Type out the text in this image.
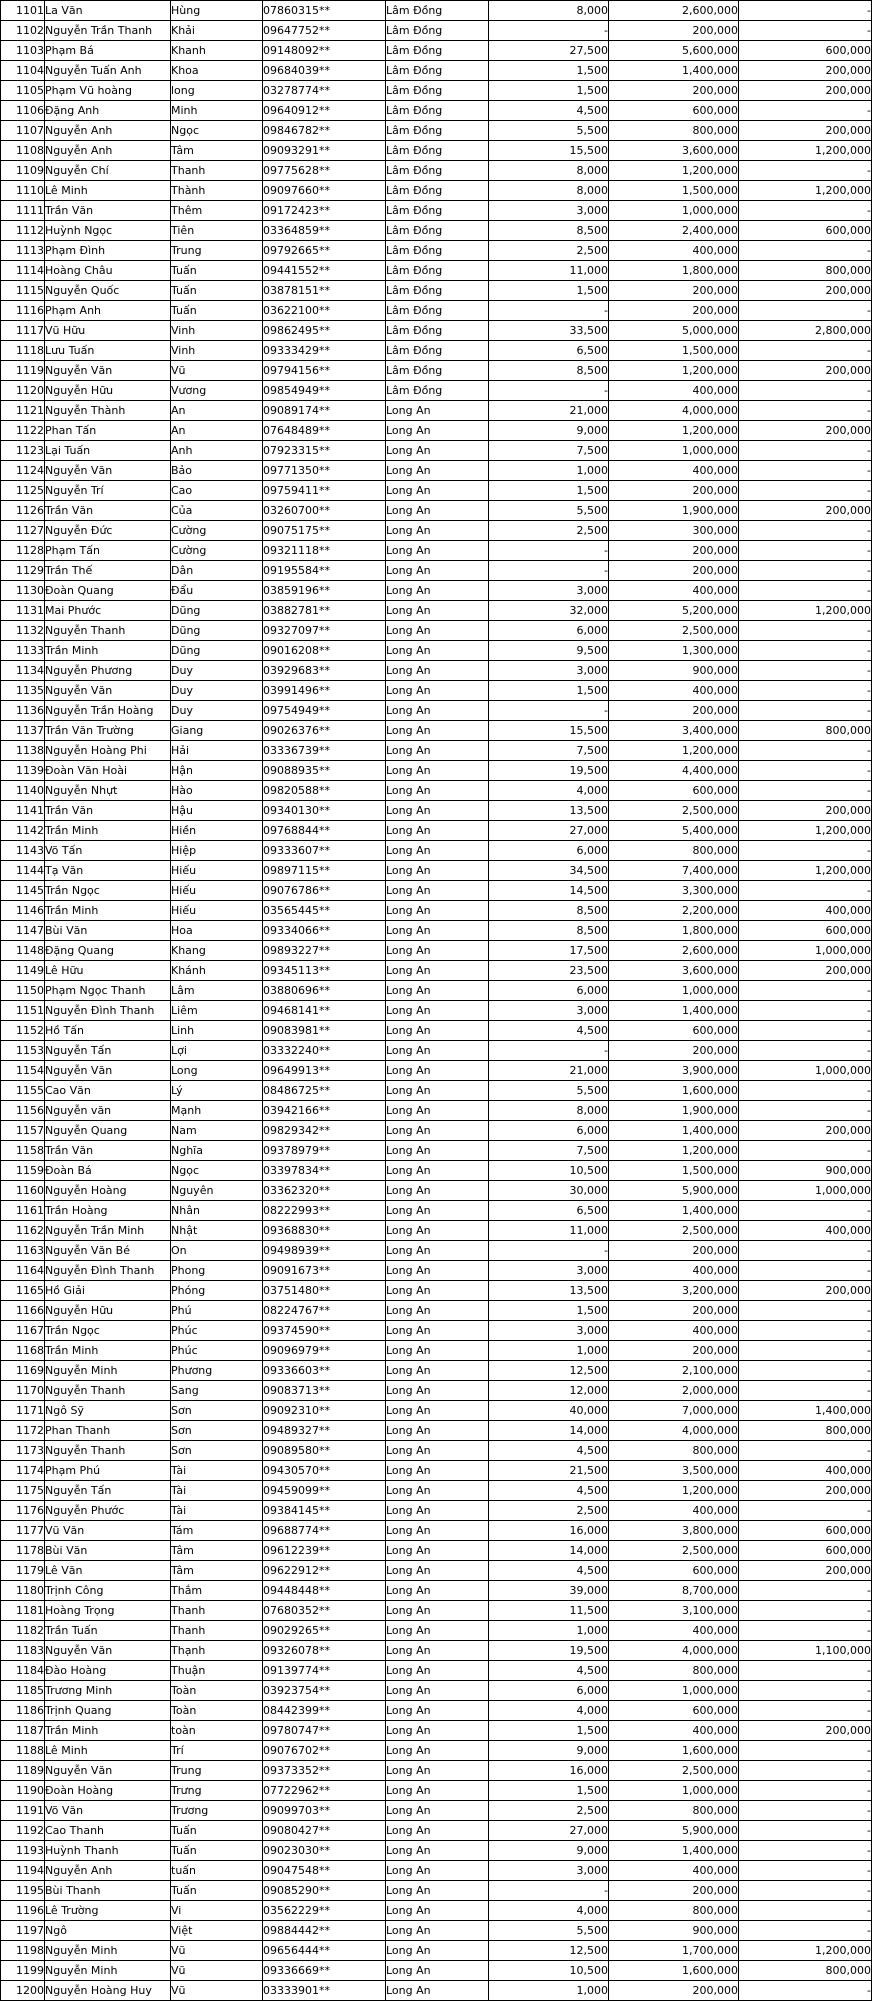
1101	La Văn	Hùng	07860315**	Lâm Đồng	8,000	2,600,000	-
1102	Nguyễn Trần Thanh	Khải	09647752**	Lâm Đồng	-	200,000	-
1103	Phạm Bá	Khanh	09148092**	Lâm Đồng	27,500	5,600,000	600,000
1104	Nguyễn Tuấn Anh	Khoa	09684039**	Lâm Đồng	1,500	1,400,000	200,000
1105	Phạm Vũ hoàng	long	03278774**	Lâm Đồng	1,500	200,000	200,000
1106	Đặng Anh	Minh	09640912**	Lâm Đồng	4,500	600,000	-
1107	Nguyễn Anh	Ngọc	09846782**	Lâm Đồng	5,500	800,000	200,000
1108	Nguyễn Anh	Tâm	09093291**	Lâm Đồng	15,500	3,600,000	1,200,000
1109	Nguyễn Chí	Thanh	09775628**	Lâm Đồng	8,000	1,200,000	-
1110	Lê Minh	Thành	09097660**	Lâm Đồng	8,000	1,500,000	1,200,000
1111	Trần Văn	Thêm	09172423**	Lâm Đồng	3,000	1,000,000	-
1112	Huỳnh Ngọc	Tiên	03364859**	Lâm Đồng	8,500	2,400,000	600,000
1113	Phạm Đình	Trung	09792665**	Lâm Đồng	2,500	400,000	-
1114	Hoàng Châu	Tuấn	09441552**	Lâm Đồng	11,000	1,800,000	800,000
1115	Nguyễn Quốc	Tuấn	03878151**	Lâm Đồng	1,500	200,000	200,000
1116	Phạm Anh	Tuấn	03622100**	Lâm Đồng	-	200,000	-
1117	Vũ Hữu	Vinh	09862495**	Lâm Đồng	33,500	5,000,000	2,800,000
1118	Lưu Tuấn	Vinh	09333429**	Lâm Đồng	6,500	1,500,000	-
1119	Nguyễn Văn	Vũ	09794156**	Lâm Đồng	8,500	1,200,000	200,000
1120	Nguyễn Hữu	Vương	09854949**	Lâm Đồng	-	400,000	-
1121	Nguyễn Thành	An	09089174**	Long An	21,000	4,000,000	-
1122	Phan Tấn	An	07648489**	Long An	9,000	1,200,000	200,000
1123	Lại Tuấn	Anh	07923315**	Long An	7,500	1,000,000	-
1124	Nguyễn Văn	Bảo	09771350**	Long An	1,000	400,000	-
1125	Nguyễn Trí	Cao	09759411**	Long An	1,500	200,000	-
1126	Trần Văn	Của	03260700**	Long An	5,500	1,900,000	200,000
1127	Nguyễn Đức	Cường	09075175**	Long An	2,500	300,000	-
1128	Phạm Tấn	Cường	09321118**	Long An	-	200,000	-
1129	Trần Thế	Dân	09195584**	Long An	-	200,000	-
1130	Đoàn Quang	Đẩu	03859196**	Long An	3,000	400,000	-
1131	Mai Phước	Dũng	03882781**	Long An	32,000	5,200,000	1,200,000
1132	Nguyễn Thanh	Dũng	09327097**	Long An	6,000	2,500,000	-
1133	Trần Minh	Dũng	09016208**	Long An	9,500	1,300,000	-
1134	Nguyễn Phương	Duy	03929683**	Long An	3,000	900,000	-
1135	Nguyễn Văn	Duy	03991496**	Long An	1,500	400,000	-
1136	Nguyễn Trần Hoàng	Duy	09754949**	Long An	-	200,000	-
1137	Trần Văn Trường	Giang	09026376**	Long An	15,500	3,400,000	800,000
1138	Nguyễn Hoàng Phi	Hải	03336739**	Long An	7,500	1,200,000	-
1139	Đoàn Văn Hoài	Hận	09088935**	Long An	19,500	4,400,000	-
1140	Nguyễn Nhựt	Hào	09820588**	Long An	4,000	600,000	-
1141	Trần Văn	Hậu	09340130**	Long An	13,500	2,500,000	200,000
1142	Trần Minh	Hiền	09768844**	Long An	27,000	5,400,000	1,200,000
1143	Võ Tấn	Hiệp	09333607**	Long An	6,000	800,000	-
1144	Tạ Văn	Hiếu	09897115**	Long An	34,500	7,400,000	1,200,000
1145	Trần Ngọc	Hiếu	09076786**	Long An	14,500	3,300,000	-
1146	Trần Minh	Hiếu	03565445**	Long An	8,500	2,200,000	400,000
1147	Bùi Văn	Hoa	09334066**	Long An	8,500	1,800,000	600,000
1148	Đặng Quang	Khang	09893227**	Long An	17,500	2,600,000	1,000,000
1149	Lê Hữu	Khánh	09345113**	Long An	23,500	3,600,000	200,000
1150	Phạm Ngọc Thanh	Lâm	03880696**	Long An	6,000	1,000,000	-
1151	Nguyễn Đình Thanh	Liêm	09468141**	Long An	3,000	1,400,000	-
1152	Hồ Tấn	Linh	09083981**	Long An	4,500	600,000	-
1153	Nguyễn Tấn	Lợi	03332240**	Long An	-	200,000	-
1154	Nguyễn Văn	Long	09649913**	Long An	21,000	3,900,000	1,000,000
1155	Cao Văn	Lý	08486725**	Long An	5,500	1,600,000	-
1156	Nguyễn văn	Mạnh	03942166**	Long An	8,000	1,900,000	-
1157	Nguyễn Quang	Nam	09829342**	Long An	6,000	1,400,000	200,000
1158	Trần Văn	Nghĩa	09378979**	Long An	7,500	1,200,000	-
1159	Đoàn Bá	Ngọc	03397834**	Long An	10,500	1,500,000	900,000
1160	Nguyễn Hoàng	Nguyên	03362320**	Long An	30,000	5,900,000	1,000,000
1161	Trần Hoàng	Nhân	08222993**	Long An	6,500	1,400,000	-
1162	Nguyễn Trần Minh	Nhật	09368830**	Long An	11,000	2,500,000	400,000
1163	Nguyễn Văn Bé	On	09498939**	Long An	-	200,000	-
1164	Nguyễn Đình Thanh	Phong	09091673**	Long An	3,000	400,000	-
1165	Hồ Giải	Phóng	03751480**	Long An	13,500	3,200,000	200,000
1166	Nguyễn Hữu	Phú	08224767**	Long An	1,500	200,000	-
1167	Trần Ngọc	Phúc	09374590**	Long An	3,000	400,000	-
1168	Trần Minh	Phúc	09096979**	Long An	1,000	200,000	-
1169	Nguyễn Minh	Phương	09336603**	Long An	12,500	2,100,000	-
1170	Nguyễn Thanh	Sang	09083713**	Long An	12,000	2,000,000	-
1171	Ngô Sỹ	Sơn	09092310**	Long An	40,000	7,000,000	1,400,000
1172	Phan Thanh	Sơn	09489327**	Long An	14,000	4,000,000	800,000
1173	Nguyễn Thanh	Sơn	09089580**	Long An	4,500	800,000	-
1174	Phạm Phú	Tài	09430570**	Long An	21,500	3,500,000	400,000
1175	Nguyễn Tấn	Tài	09459099**	Long An	4,500	1,200,000	200,000
1176	Nguyễn Phước	Tài	09384145**	Long An	2,500	400,000	-
1177	Vũ Văn	Tám	09688774**	Long An	16,000	3,800,000	600,000
1178	Bùi Văn	Tâm	09612239**	Long An	14,000	2,500,000	600,000
1179	Lê Văn	Tâm	09622912**	Long An	4,500	600,000	200,000
1180	Trịnh Công	Thắm	09448448**	Long An	39,000	8,700,000	-
1181	Hoàng Trọng	Thanh	07680352**	Long An	11,500	3,100,000	-
1182	Trần Tuấn	Thanh	09029265**	Long An	1,000	400,000	-
1183	Nguyễn Văn	Thạnh	09326078**	Long An	19,500	4,000,000	1,100,000
1184	Đào Hoàng	Thuận	09139774**	Long An	4,500	800,000	-
1185	Trương Minh	Toàn	03923754**	Long An	6,000	1,000,000	-
1186	Trịnh Quang	Toàn	08442399**	Long An	4,000	600,000	-
1187	Trần Minh	toàn	09780747**	Long An	1,500	400,000	200,000
1188	Lê Minh	Trí	09076702**	Long An	9,000	1,600,000	-
1189	Nguyễn Văn	Trung	09373352**	Long An	16,000	2,500,000	-
1190	Đoàn Hoàng	Trưng	07722962**	Long An	1,500	1,000,000	-
1191	Võ Văn	Trương	09099703**	Long An	2,500	800,000	-
1192	Cao Thanh	Tuấn	09080427**	Long An	27,000	5,900,000	-
1193	Huỳnh Thanh	Tuấn	09023030**	Long An	9,000	1,400,000	-
1194	Nguyễn Anh	tuấn	09047548**	Long An	3,000	400,000	-
1195	Bùi Thanh	Tuấn	09085290**	Long An	-	200,000	-
1196	Lê Trường	Vi	03562229**	Long An	4,000	800,000	-
1197	Ngô	Việt	09884442**	Long An	5,500	900,000	-
1198	Nguyễn Minh	Vũ	09656444**	Long An	12,500	1,700,000	1,200,000
1199	Nguyễn Minh	Vũ	09336669**	Long An	10,500	1,600,000	800,000
1200	Nguyễn Hoàng Huy	Vũ	03333901**	Long An	1,000	200,000	-
